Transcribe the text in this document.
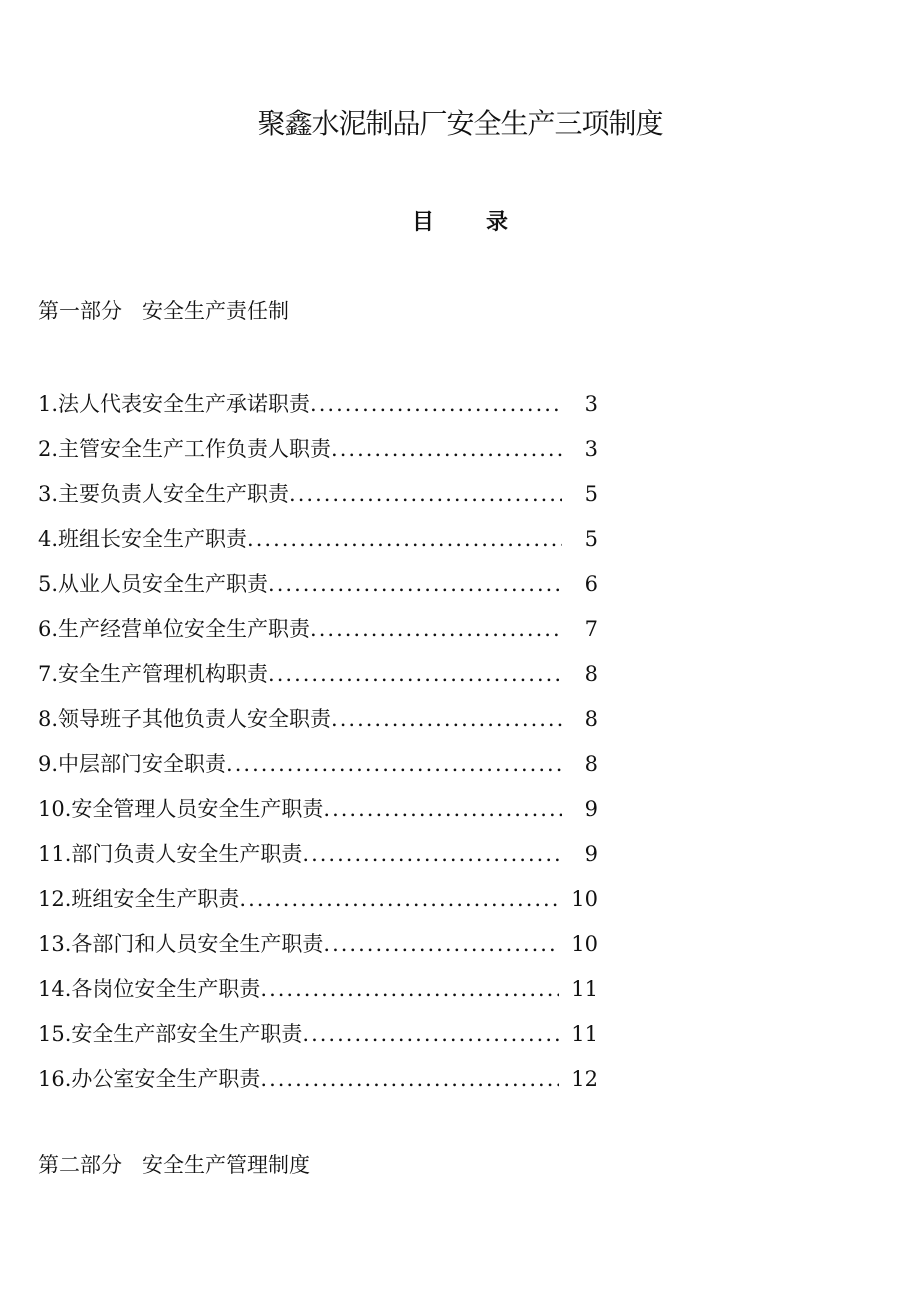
聚鑫水泥制品厂安全生产三项制度
目 录
第一部分 安全生产责任制
1. 法人代表安全生产承诺职责 .....	3
2. 主管安全生产工作负责人职责 .....	3
3. 主要负责人安全生产职责 .....	5
4. 班组长安全生产职责 .....	5
5. 从业人员安全生产职责 .....	6
6. 生产经营单位安全生产职责 .....	7
7. 安全生产管理机构职责 .....	8
8. 领导班子其他负责人安全职责 .....	8
9. 中层部门安全职责 .....	8
10. 安全管理人员安全生产职责 .....	9
11. 部门负责人安全生产职责 .....	9
12. 班组安全生产职责 .....	10
13. 各部门和人员安全生产职责 .....	10
14. 各岗位安全生产职责 .....	11
15. 安全生产部安全生产职责 .....	11
16. 办公室安全生产职责 .....	12
第二部分 安全生产管理制度
